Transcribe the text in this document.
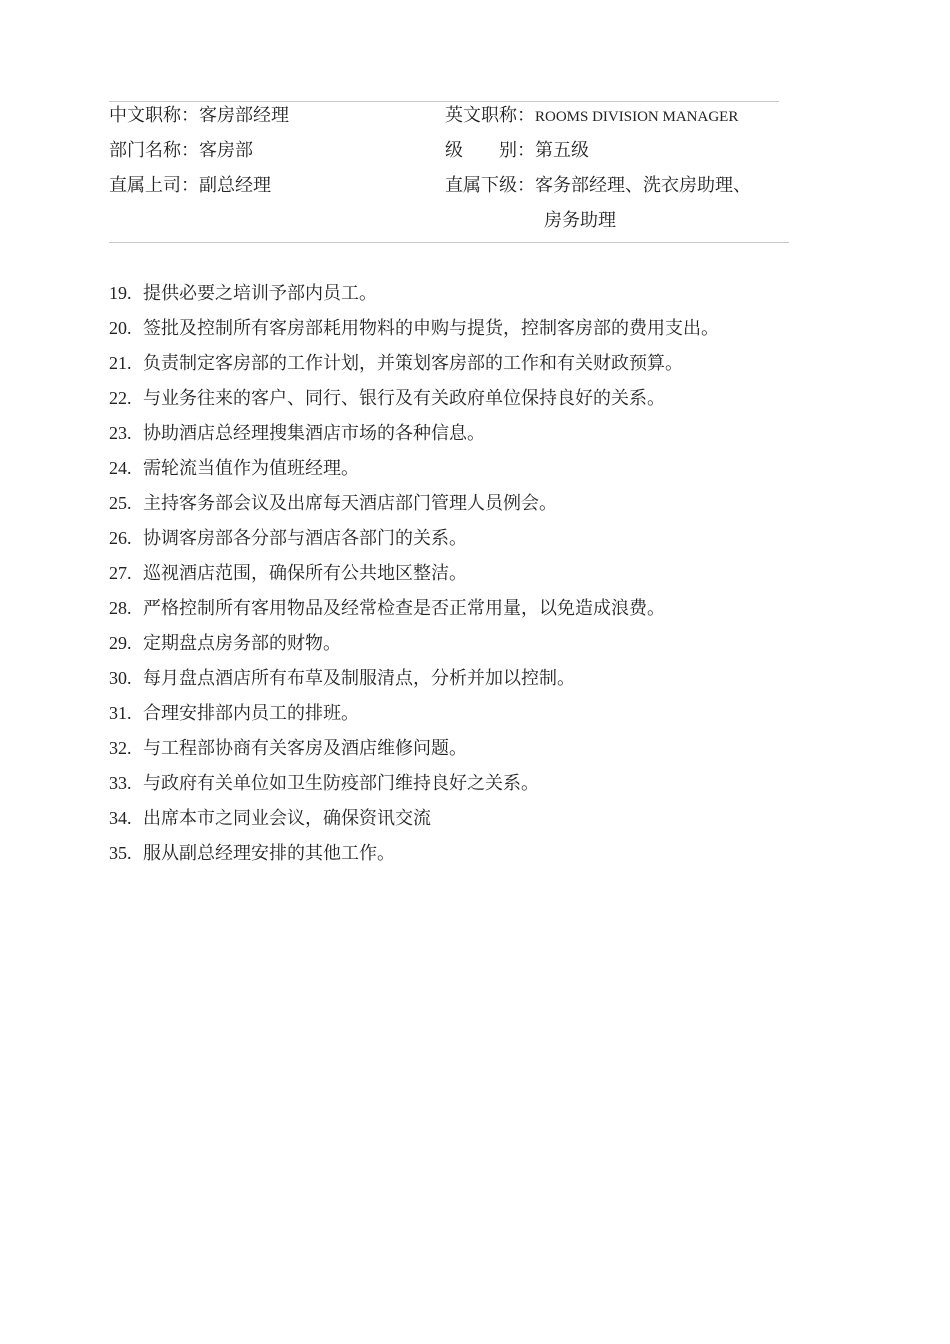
中文职称：客房部经理	英文职称：ROOMS DIVISION MANAGER
部门名称：客房部	级　　别：第五级
直属上司：副总经理	直属下级：客务部经理、洗衣房助理、
房务助理
19. 提供必要之培训予部内员工。
20. 签批及控制所有客房部耗用物料的申购与提货，控制客房部的费用支出。
21. 负责制定客房部的工作计划，并策划客房部的工作和有关财政预算。
22. 与业务往来的客户、同行、银行及有关政府单位保持良好的关系。
23. 协助酒店总经理搜集酒店市场的各种信息。
24. 需轮流当值作为值班经理。
25. 主持客务部会议及出席每天酒店部门管理人员例会。
26. 协调客房部各分部与酒店各部门的关系。
27. 巡视酒店范围，确保所有公共地区整洁。
28. 严格控制所有客用物品及经常检查是否正常用量，以免造成浪费。
29. 定期盘点房务部的财物。
30. 每月盘点酒店所有布草及制服清点，分析并加以控制。
31. 合理安排部内员工的排班。
32. 与工程部协商有关客房及酒店维修问题。
33. 与政府有关单位如卫生防疫部门维持良好之关系。
34. 出席本市之同业会议，确保资讯交流
35. 服从副总经理安排的其他工作。
